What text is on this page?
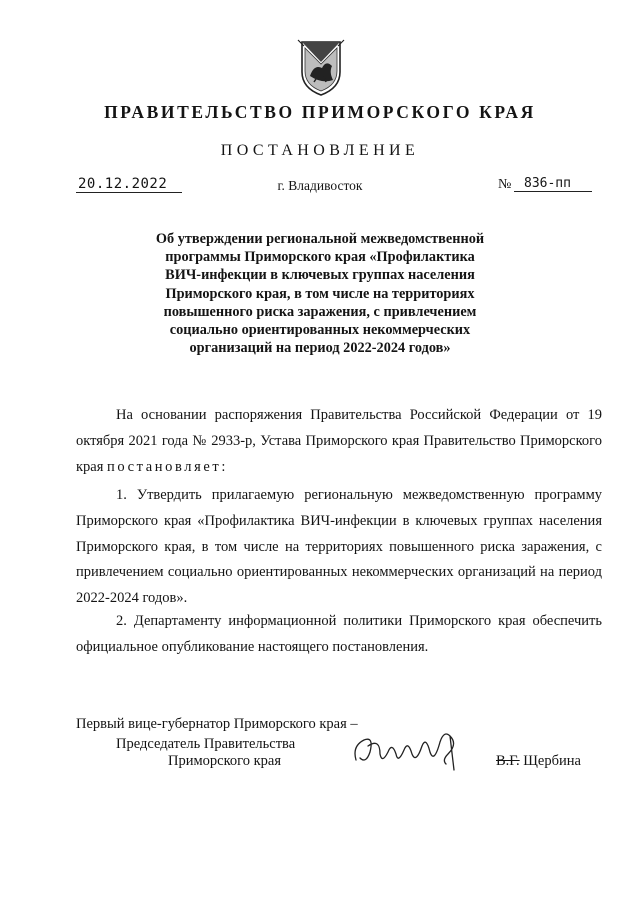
ПРАВИТЕЛЬСТВО ПРИМОРСКОГО КРАЯ
ПОСТАНОВЛЕНИЕ
20.12.2022	г. Владивосток	№ 836-пп
Об утверждении региональной межведомственной программы Приморского края «Профилактика ВИЧ-инфекции в ключевых группах населения Приморского края, в том числе на территориях повышенного риска заражения, с привлечением социально ориентированных некоммерческих организаций на период 2022-2024 годов»
На основании распоряжения Правительства Российской Федерации от 19 октября 2021 года № 2933-р, Устава Приморского края Правительство Приморского края постановляет:
1. Утвердить прилагаемую региональную межведомственную программу Приморского края «Профилактика ВИЧ-инфекции в ключевых группах населения Приморского края, в том числе на территориях повышенного риска заражения, с привлечением социально ориентированных некоммерческих организаций на период 2022-2024 годов».
2. Департаменту информационной политики Приморского края обеспечить официальное опубликование настоящего постановления.
Первый вице-губернатор Приморского края –
Председатель Правительства
Приморского края	В.Г. Щербина
